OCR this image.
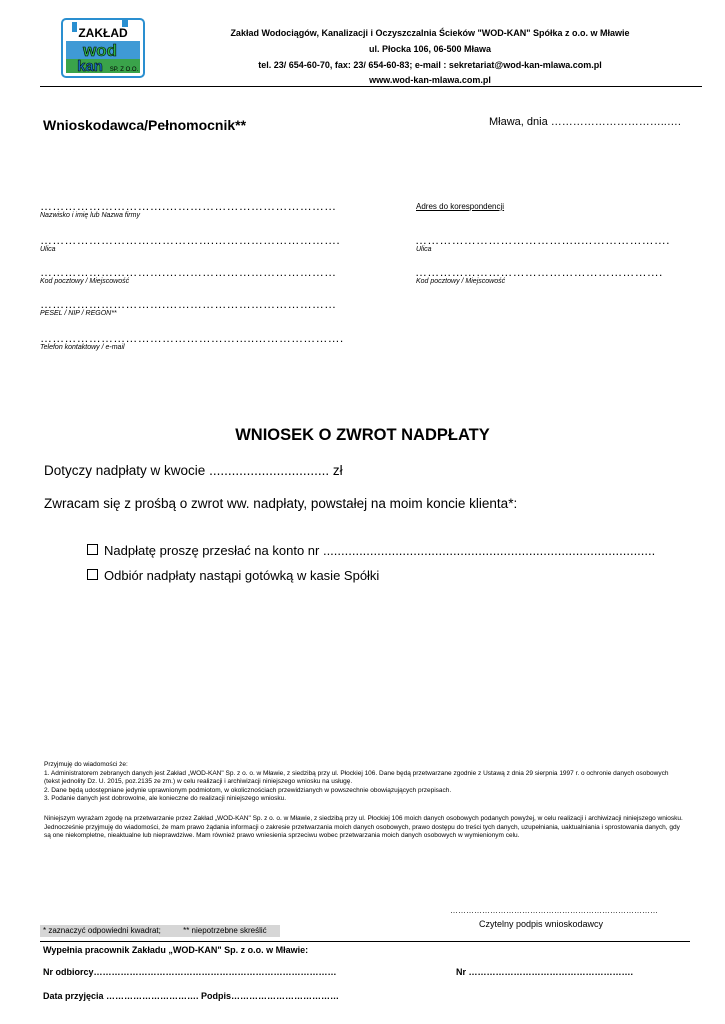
ZAKŁAD
wod
kan SP. Z O.O.
Zakład Wodociągów, Kanalizacji i Oczyszczalnia Ścieków "WOD-KAN" Spółka z o.o. w Mławie
ul. Płocka 106, 06-500 Mława
tel. 23/ 654-60-70, fax: 23/ 654-60-83; e-mail : sekretariat@wod-kan-mlawa.com.pl
www.wod-kan-mlawa.com.pl
Wnioskodawca/Pełnomocnik**	Mława, dnia …………………………..….
………………………….……………………………………
Nazwisko i imię lub Nazwa firmy
…………………………………….………………………….
Ulica
………………………….……………………………………
Kod pocztowy / Miejscowość
………………………….……………………………………
PESEL / NIP / REGON**
……………………………………………..………………….
Telefon kontaktowy / e-mail
Adres do korespondencji
…………………………………..………………….
Ulica
…………………………………………………….
Kod pocztowy / Miejscowość
WNIOSEK O ZWROT NADPŁATY
Dotyczy nadpłaty w kwocie ................................ zł
Zwracam się z prośbą o zwrot ww. nadpłaty, powstałej na moim koncie klienta*:
Nadpłatę proszę przesłać na konto nr ............................................................................................
Odbiór nadpłaty nastąpi gotówką w kasie Spółki

Przyjmuję do wiadomości że:

1. Administratorem zebranych danych jest Zakład „WOD-KAN" Sp. z o. o. w Mławie, z siedzibą przy ul. Płockiej 106. Dane będą przetwarzane zgodnie z Ustawą z dnia 29 sierpnia 1997 r. o ochronie danych osobowych (tekst jednolity Dz. U. 2015, poz.2135 ze zm.) w celu realizacji i archiwizacji niniejszego wniosku na usługę.

2. Dane będą udostępniane jedynie uprawnionym podmiotom, w okolicznościach przewidzianych w powszechnie obowiązujących przepisach.

3. Podanie danych jest dobrowolne, ale konieczne do realizacji niniejszego wniosku.

Niniejszym wyrażam zgodę na przetwarzanie przez Zakład „WOD-KAN" Sp. z o. o. w Mławie, z siedzibą przy ul. Płockiej 106 moich danych osobowych podanych powyżej, w celu realizacji i archiwizacji niniejszego wniosku. Jednocześnie przyjmuję do wiadomości, że mam prawo żądania informacji o zakresie przetwarzania moich danych osobowych, prawo dostępu do treści tych danych, uzupełniania, uaktualniania i sprostowania danych, gdy są one niekompletne, nieaktualne lub nieprawdziwe. Mam również prawo wniesienia sprzeciwu wobec przetwarzania moich danych osobowych w wymienionym celu.
……………………………………………………………………
Czytelny podpis wnioskodawcy
* zaznaczyć odpowiedni kwadrat;	** niepotrzebne skreślić
Wypełnia pracownik Zakładu „WOD-KAN" Sp. z o.o. w Mławie:
Nr odbiorcy………………………………………………………………………	Nr ……………………………………………….
Data przyjęcia …………………………. Podpis………………………………
